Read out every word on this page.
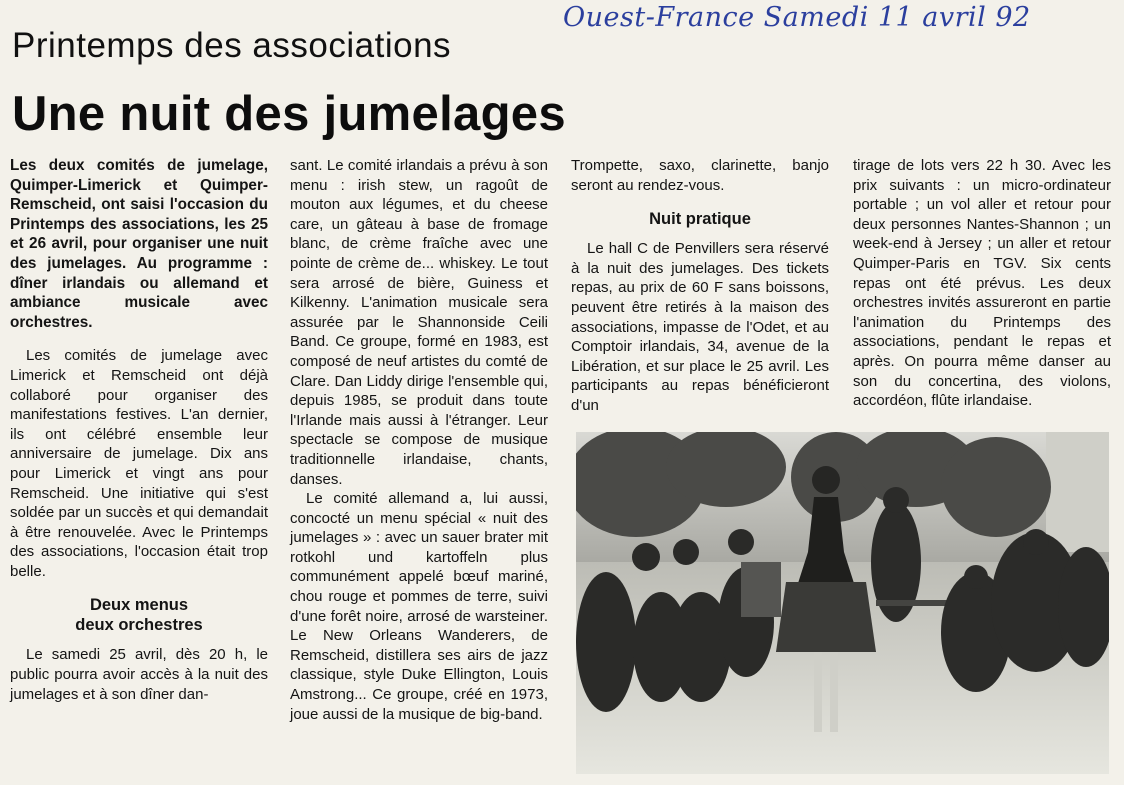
Ouest-France Samedi 11 avril 92
Printemps des associations
Une nuit des jumelages

Les deux comités de jumelage, Quimper-Limerick et Quimper-Remscheid, ont saisi l'occasion du Printemps des associations, les 25 et 26 avril, pour organiser une nuit des jumelages. Au programme : dîner irlandais ou allemand et ambiance musicale avec orchestres.

Les comités de jumelage avec Limerick et Remscheid ont déjà collaboré pour organiser des manifestations festives. L'an dernier, ils ont célébré ensemble leur anniversaire de jumelage. Dix ans pour Limerick et vingt ans pour Remscheid. Une initiative qui s'est soldée par un succès et qui demandait à être renouvelée. Avec le Printemps des associations, l'occasion était trop belle.

Deux menus
deux orchestres

Le samedi 25 avril, dès 20 h, le public pourra avoir accès à la nuit des jumelages et à son dîner dan-

sant. Le comité irlandais a prévu à son menu : irish stew, un ragoût de mouton aux légumes, et du cheese care, un gâteau à base de fromage blanc, de crème fraîche avec une pointe de crème de... whiskey. Le tout sera arrosé de bière, Guiness et Kilkenny. L'animation musicale sera assurée par le Shannonside Ceili Band. Ce groupe, formé en 1983, est composé de neuf artistes du comté de Clare. Dan Liddy dirige l'ensemble qui, depuis 1985, se produit dans toute l'Irlande mais aussi à l'étranger. Leur spectacle se compose de musique traditionnelle irlandaise, chants, danses.

Le comité allemand a, lui aussi, concocté un menu spécial « nuit des jumelages » : avec un sauer brater mit rotkohl und kartoffeln plus communément appelé bœuf mariné, chou rouge et pommes de terre, suivi d'une forêt noire, arrosé de warsteiner. Le New Orleans Wanderers, de Remscheid, distillera ses airs de jazz classique, style Duke Ellington, Louis Amstrong... Ce groupe, créé en 1973, joue aussi de la musique de big-band.

Trompette, saxo, clarinette, banjo seront au rendez-vous.

Nuit pratique

Le hall C de Penvillers sera réservé à la nuit des jumelages. Des tickets repas, au prix de 60 F sans boissons, peuvent être retirés à la maison des associations, impasse de l'Odet, et au Comptoir irlandais, 34, avenue de la Libération, et sur place le 25 avril. Les participants au repas bénéficieront d'un

tirage de lots vers 22 h 30. Avec les prix suivants : un micro-ordinateur portable ; un vol aller et retour pour deux personnes Nantes-Shannon ; un week-end à Jersey ; un aller et retour Quimper-Paris en TGV. Six cents repas ont été prévus. Les deux orchestres invités assureront en partie l'animation du Printemps des associations, pendant le repas et après. On pourra même danser au son du concertina, des violons, accordéon, flûte irlandaise.
